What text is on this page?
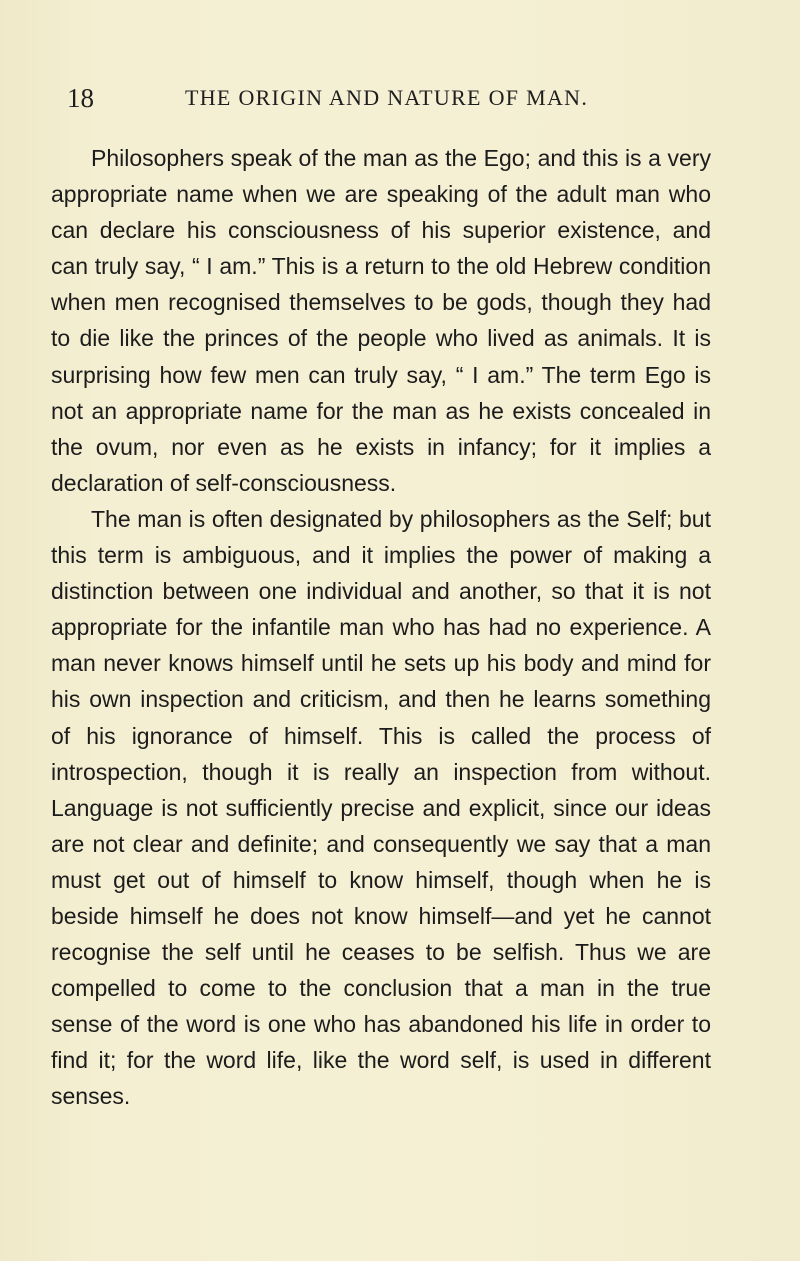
18	THE ORIGIN AND NATURE OF MAN.

Philosophers speak of the man as the Ego; and this is a very appropriate name when we are speaking of the adult man who can declare his consciousness of his superior existence, and can truly say, “ I am.” This is a return to the old Hebrew condition when men recognised themselves to be gods, though they had to die like the princes of the people who lived as animals. It is surprising how few men can truly say, “ I am.” The term Ego is not an appropriate name for the man as he exists concealed in the ovum, nor even as he exists in infancy; for it implies a declaration of self-consciousness.

The man is often designated by philosophers as the Self; but this term is ambiguous, and it implies the power of making a distinction between one individual and another, so that it is not appropriate for the infantile man who has had no experience. A man never knows himself until he sets up his body and mind for his own inspection and criticism, and then he learns something of his ignorance of himself. This is called the process of introspection, though it is really an inspection from without. Language is not sufficiently precise and explicit, since our ideas are not clear and definite; and consequently we say that a man must get out of himself to know himself, though when he is beside himself he does not know himself—and yet he cannot recognise the self until he ceases to be selfish. Thus we are compelled to come to the conclusion that a man in the true sense of the word is one who has abandoned his life in order to find it; for the word life, like the word self, is used in different senses.
